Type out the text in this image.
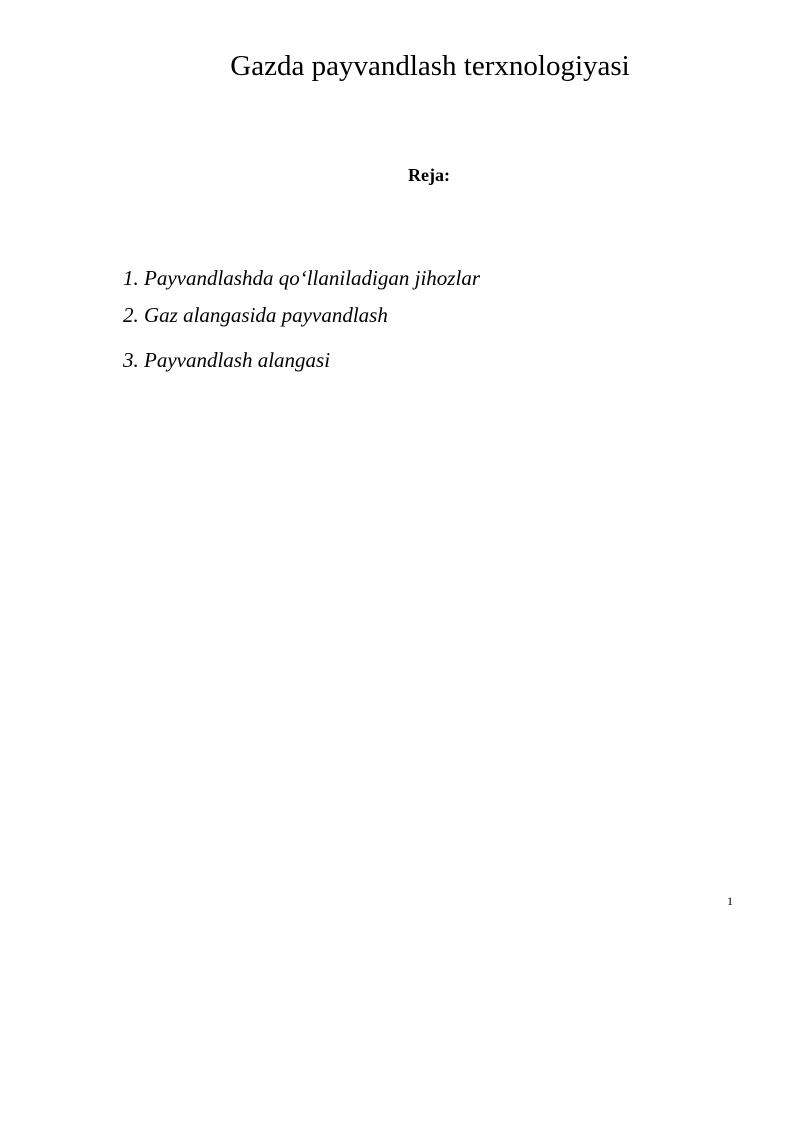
Gazda payvandlash terxnologiyasi
Reja:
1. Payvandlashda qo‘llaniladigan jihozlar
2. Gaz alangasida payvandlash
3. Payvandlash alangasi
1
